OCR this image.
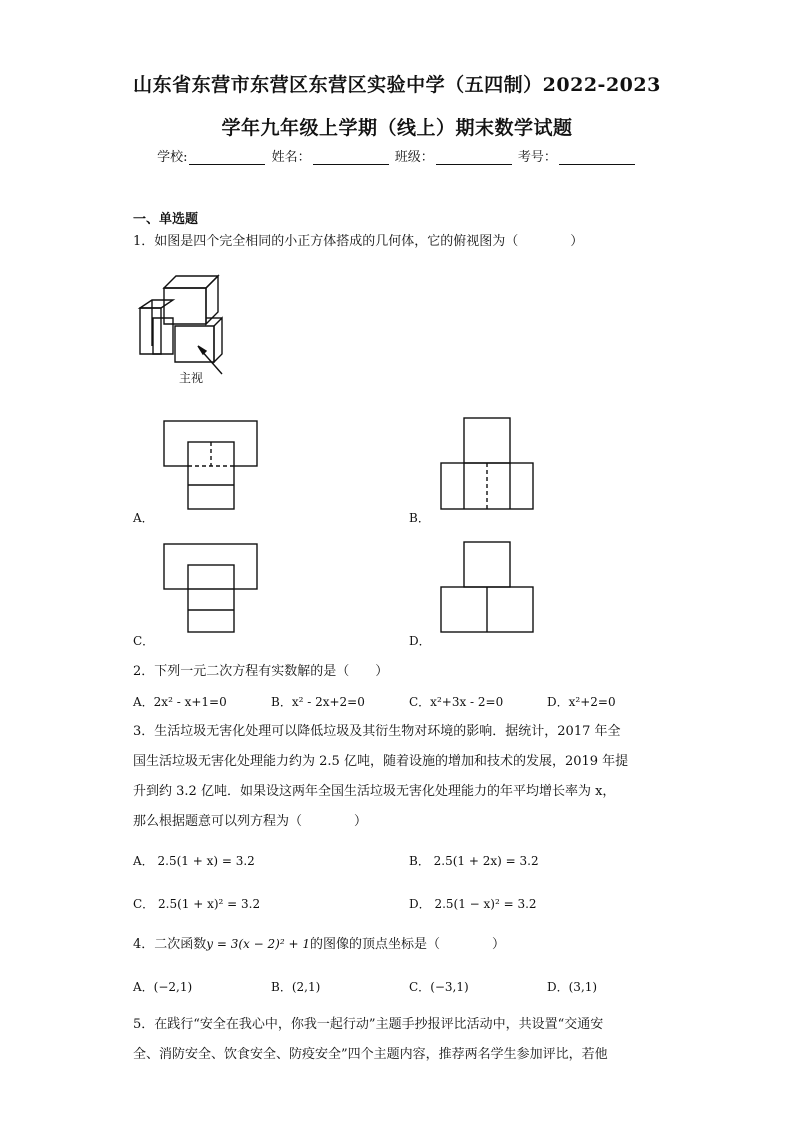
山东省东营市东营区东营区实验中学（五四制）2022-2023
学年九年级上学期（线上）期末数学试题
学校:	姓名：	班级：	考号：
一、单选题
1．如图是四个完全相同的小正方体搭成的几何体，它的俯视图为（　　　　）
主视
A．	B．
C．	D．
2．下列一元二次方程有实数解的是（　　）
A．2x² - x+1=0	B．x² - 2x+2=0	C．x²+3x - 2=0	D．x²+2=0
3．生活垃圾无害化处理可以降低垃圾及其衍生物对环境的影响．据统计，2017 年全
国生活垃圾无害化处理能力约为 2.5 亿吨，随着设施的增加和技术的发展，2019 年提
升到约 3.2 亿吨．如果设这两年全国生活垃圾无害化处理能力的年平均增长率为 x，
那么根据题意可以列方程为（　　　　）
A． 2.5(1 + x) = 3.2	B． 2.5(1 + 2x) = 3.2
C． 2.5(1 + x)² = 3.2	D． 2.5(1 − x)² = 3.2
4．二次函数y = 3(x − 2)² + 1的图像的顶点坐标是（　　　　）
A．(−2,1)	B．(2,1)	C．(−3,1)	D．(3,1)
5．在践行“安全在我心中，你我一起行动”主题手抄报评比活动中，共设置“交通安
全、消防安全、饮食安全、防疫安全”四个主题内容，推荐两名学生参加评比，若他
